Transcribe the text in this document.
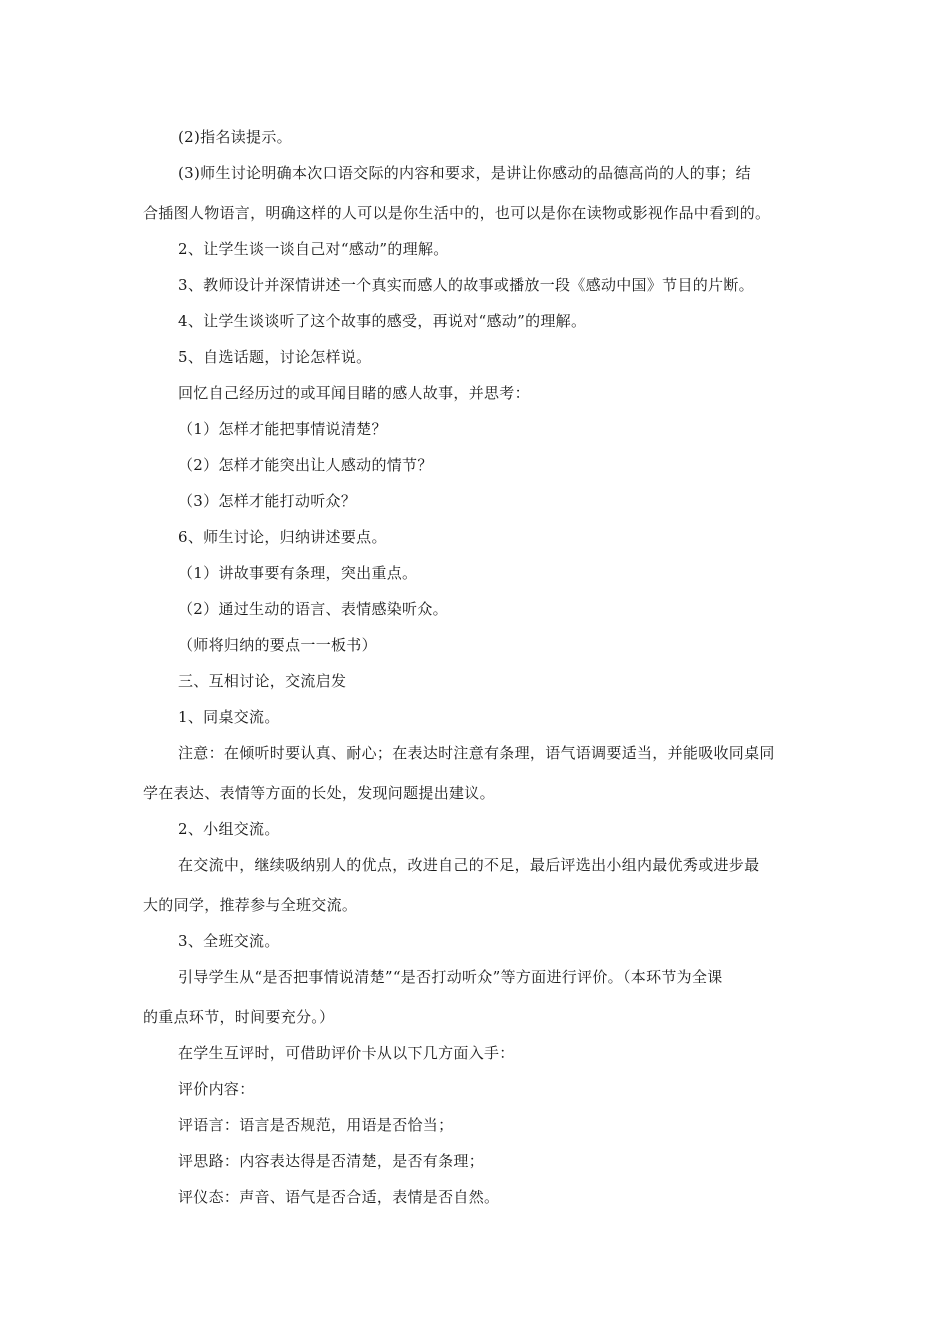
(2)指名读提示。
(3)师生讨论明确本次口语交际的内容和要求，是讲让你感动的品德高尚的人的事；结
合插图人物语言，明确这样的人可以是你生活中的，也可以是你在读物或影视作品中看到的。
2、让学生谈一谈自己对“感动”的理解。
3、教师设计并深情讲述一个真实而感人的故事或播放一段《感动中国》节目的片断。
4、让学生谈谈听了这个故事的感受，再说对“感动”的理解。
5、自选话题，讨论怎样说。
回忆自己经历过的或耳闻目睹的感人故事，并思考：
（1）怎样才能把事情说清楚？
（2）怎样才能突出让人感动的情节？
（3）怎样才能打动听众？
6、师生讨论，归纳讲述要点。
（1）讲故事要有条理，突出重点。
（2）通过生动的语言、表情感染听众。
（师将归纳的要点一一板书）
三、互相讨论，交流启发
1、同桌交流。
注意：在倾听时要认真、耐心；在表达时注意有条理，语气语调要适当，并能吸收同桌同
学在表达、表情等方面的长处，发现问题提出建议。
2、小组交流。
在交流中，继续吸纳别人的优点，改进自己的不足，最后评选出小组内最优秀或进步最
大的同学，推荐参与全班交流。
3、全班交流。
引导学生从“是否把事情说清楚”“是否打动听众”等方面进行评价。（本环节为全课
的重点环节，时间要充分。）
在学生互评时，可借助评价卡从以下几方面入手：
评价内容：
评语言：语言是否规范，用语是否恰当；
评思路：内容表达得是否清楚，是否有条理；
评仪态：声音、语气是否合适，表情是否自然。
